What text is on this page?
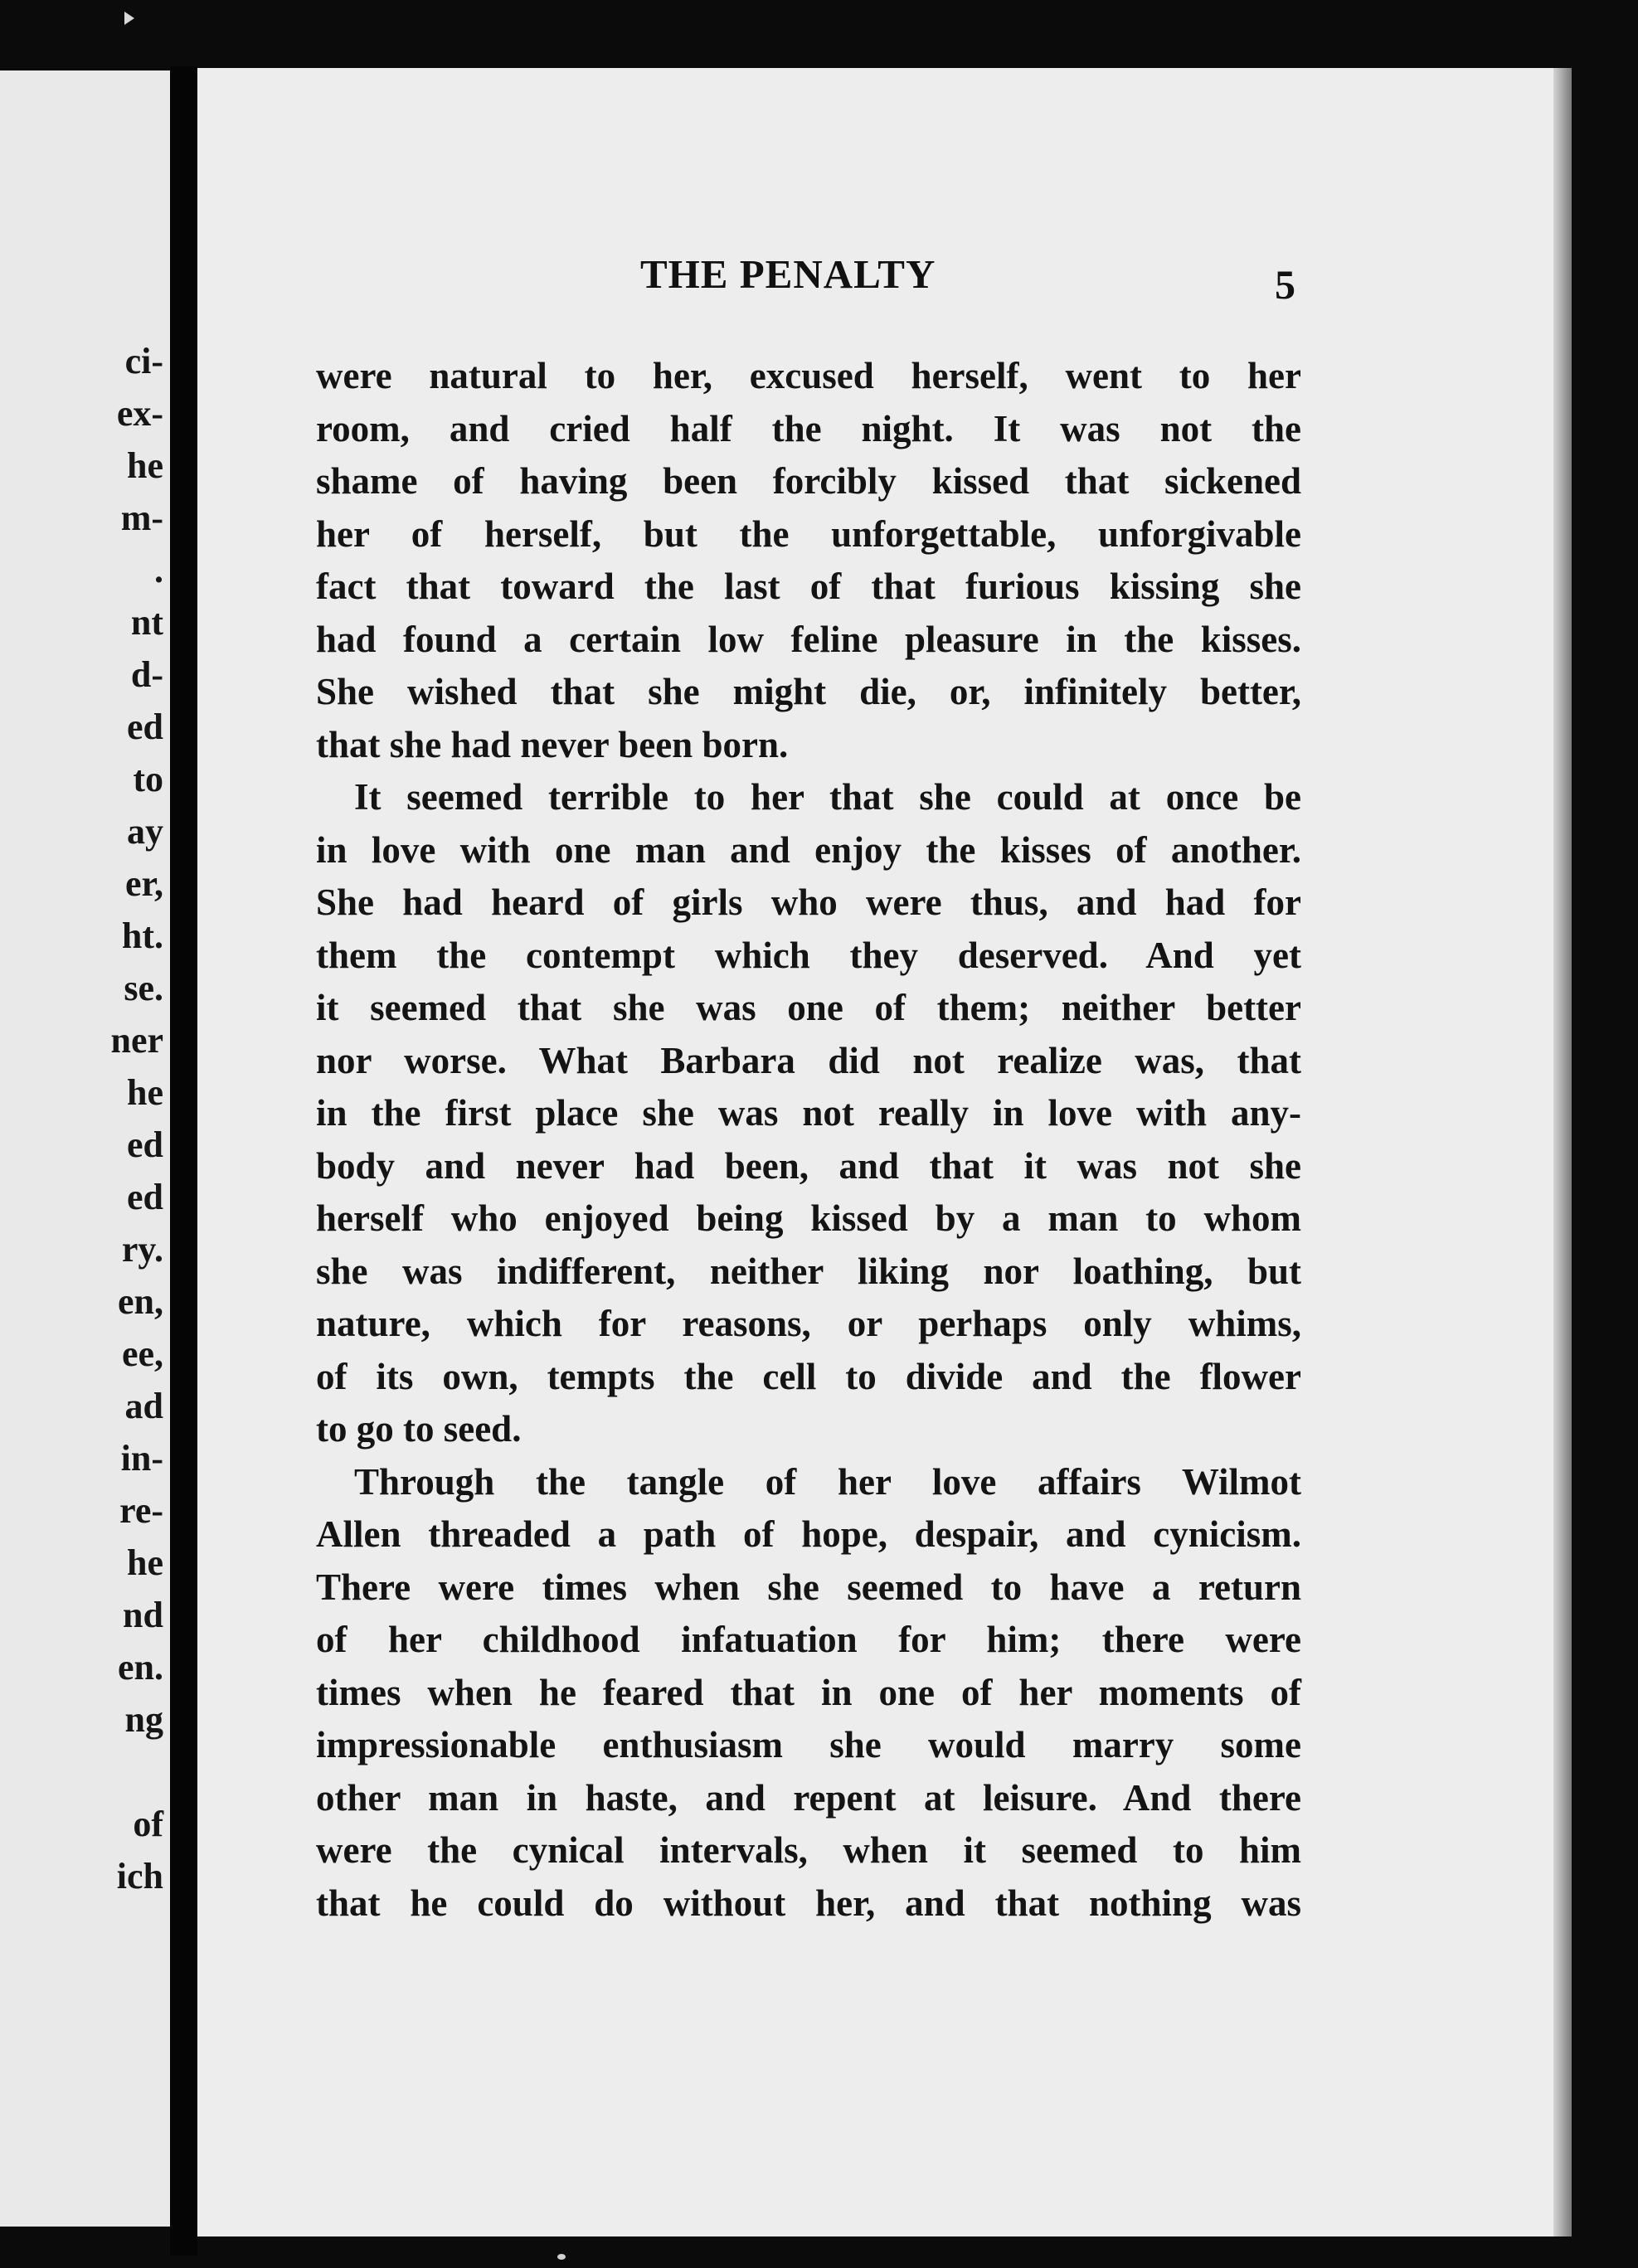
ci-
ex-
he
m-
.
nt
d-
ed
to
ay
er,
ht.
se.
ner
he
ed
ed
ry.
en,
ee,
ad
in-
re-
he
nd
en.
ng
of
ich
THE PENALTY	5
were natural to her, excused herself, went to her
room, and cried half the night. It was not the
shame of having been forcibly kissed that sickened
her of herself, but the unforgettable, unforgivable
fact that toward the last of that furious kissing she
had found a certain low feline pleasure in the kisses.
She wished that she might die, or, infinitely better,
that she had never been born.
It seemed terrible to her that she could at once be
in love with one man and enjoy the kisses of another.
She had heard of girls who were thus, and had for
them the contempt which they deserved. And yet
it seemed that she was one of them; neither better
nor worse. What Barbara did not realize was, that
in the first place she was not really in love with any-
body and never had been, and that it was not she
herself who enjoyed being kissed by a man to whom
she was indifferent, neither liking nor loathing, but
nature, which for reasons, or perhaps only whims,
of its own, tempts the cell to divide and the flower
to go to seed.
Through the tangle of her love affairs Wilmot
Allen threaded a path of hope, despair, and cynicism.
There were times when she seemed to have a return
of her childhood infatuation for him; there were
times when he feared that in one of her moments of
impressionable enthusiasm she would marry some
other man in haste, and repent at leisure. And there
were the cynical intervals, when it seemed to him
that he could do without her, and that nothing was
